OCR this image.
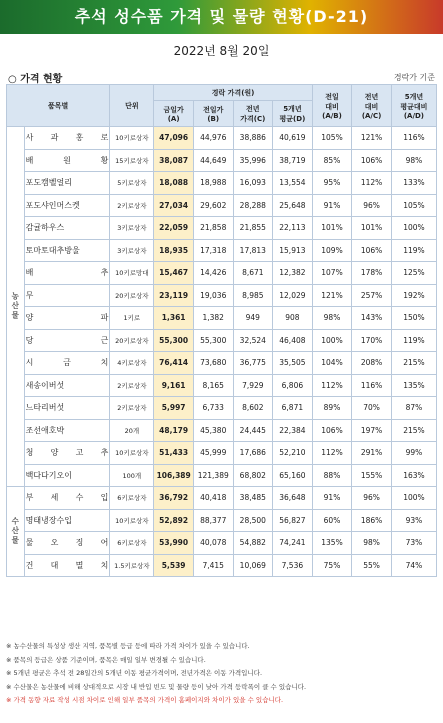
추석 성수품 가격 및 물량 현황(D-21)
2022년 8월 20일
○ 가격 현황	경락가 기준
품목별		단위	경락 가격(원)				전일
대비
(A/B)	전년
대비
(A/C)	5개년
평균대비
(A/D)
			금일가
(A)	전일가
(B)	전년
가격(C)	5개년
평균(D)			
농산물	사 과 홍 로	10키로상자	47,096	44,976	38,886	40,619	105%	121%	116%
	배 원 황	15키로상자	38,087	44,649	35,996	38,719	85%	106%	98%
	포도캠벨얼리	5키로상자	18,088	18,988	16,093	13,554	95%	112%	133%
	포도샤인머스켓	2키로상자	27,034	29,602	28,288	25,648	91%	96%	105%
	감귤하우스	3키로상자	22,059	21,858	21,855	22,113	101%	101%	100%
	토마토대추방울	3키로상자	18,935	17,318	17,813	15,913	109%	106%	119%
	배 추	10키로망대	15,467	14,426	8,671	12,382	107%	178%	125%
	무	20키로상자	23,119	19,036	8,985	12,029	121%	257%	192%
	양 파	1키로	1,361	1,382	949	908	98%	143%	150%
	당 근	20키로상자	55,300	55,300	32,524	46,408	100%	170%	119%
	시 금 치	4키로상자	76,414	73,680	36,775	35,505	104%	208%	215%
	새송이버섯	2키로상자	9,161	8,165	7,929	6,806	112%	116%	135%
	느타리버섯	2키로상자	5,997	6,733	8,602	6,871	89%	70%	87%
	조선애호박	20개	48,179	45,380	24,445	22,384	106%	197%	215%
	청 양 고 추	10키로상자	51,433	45,999	17,686	52,210	112%	291%	99%
	백다다기오이	100개	106,389	121,389	68,802	65,160	88%	155%	163%
수산물	부 세 수 입	6키로상자	36,792	40,418	38,485	36,648	91%	96%	100%
	명태냉장수입	10키로상자	52,892	88,377	28,500	56,827	60%	186%	93%
	물 오 징 어	6키로상자	53,990	40,078	54,882	74,241	135%	98%	73%
	건 대 멸 치	1.5키로상자	5,539	7,415	10,069	7,536	75%	55%	74%
※ 농수산물의 특성상 생산 지역, 품목별 등급 등에 따라 가격 차이가 있을 수 있습니다.
※ 품목의 등급은 상품 기준이며, 품목은 매일 일부 변경될 수 있습니다.
※ 5개년 평균은 추석 전 28일간의 5개년 이동 평균가격이며, 전년가격은 이동 가격입니다.
※ 수산물은 농산물에 비해 상대적으로 시장 내 반입 빈도 및 물량 등이 낮아 가격 등락폭이 클 수 있습니다.
※ 가격 동향 자료 작성 시점 차이로 인해 일부 품목의 가격이 홈페이지와 차이가 있을 수 있습니다.
